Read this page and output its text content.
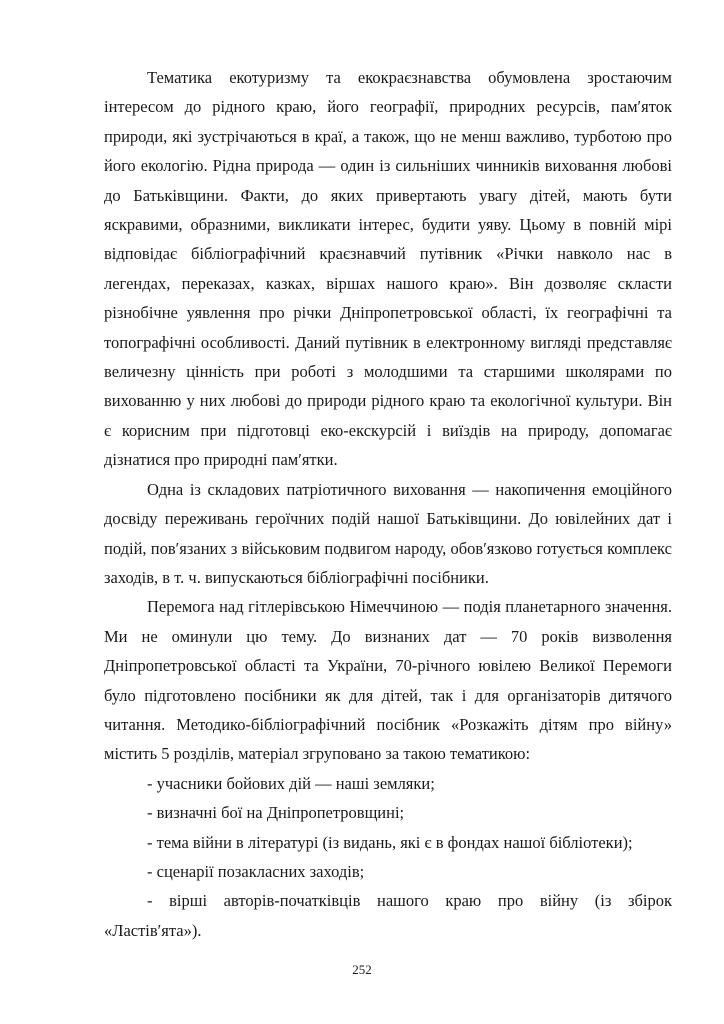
Тематика екотуризму та екокраєзнавства обумовлена зростаючим інтересом до рідного краю, його географії, природних ресурсів, пам′яток природи, які зустрічаються в краї, а також, що не менш важливо, турботою про його екологію. Рідна природа — один із сильніших чинників виховання любові до Батьківщини. Факти, до яких привертають увагу дітей, мають бути яскравими, образними, викликати інтерес, будити уяву. Цьому в повній мірі відповідає бібліографічний краєзнавчий путівник «Річки навколо нас в легендах, переказах, казках, віршах нашого краю». Він дозволяє скласти різнобічне уявлення про річки Дніпропетровської області, їх географічні та топографічні особливості. Даний путівник в електронному вигляді представляє величезну цінність при роботі з молодшими та старшими школярами по вихованню у них любові до природи рідного краю та екологічної культури. Він є корисним при підготовці еко-екскурсій і виїздів на природу, допомагає дізнатися про природні пам′ятки.

Одна із складових патріотичного виховання — накопичення емоційного досвіду переживань героїчних подій нашої Батьківщини. До ювілейних дат і подій, пов′язаних з військовим подвигом народу, обов′язково готується комплекс заходів, в т. ч. випускаються бібліографічні посібники.

Перемога над гітлерівською Німеччиною — подія планетарного значення. Ми не оминули цю тему. До визнаних дат — 70 років визволення Дніпропетровської області та України, 70-річного ювілею Великої Перемоги було підготовлено посібники як для дітей, так і для організаторів дитячого читання. Методико-бібліографічний посібник «Розкажіть дітям про війну» містить 5 розділів, матеріал згруповано за такою тематикою:

- учасники бойових дій — наші земляки;

- визначні бої на Дніпропетровщині;

- тема війни в літературі (із видань, які є в фондах нашої бібліотеки);

- сценарії позакласних заходів;

- вірші авторів-початківців нашого краю про війну (із збірок «Ластів′ята»).

252
